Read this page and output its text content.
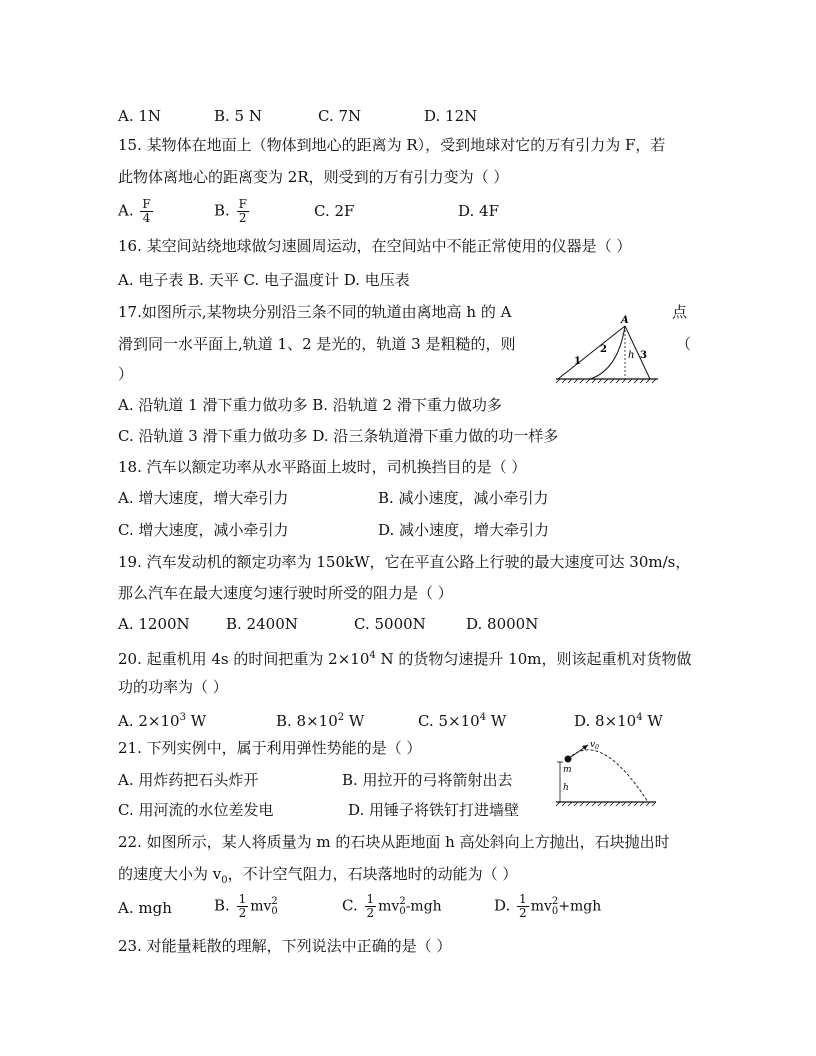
A. 1N	B. 5 N	C. 7N	D. 12N
15. 某物体在地面上（物体到地心的距离为 R），受到地球对它的万有引力为 F，若
此物体离地心的距离变为 2R，则受到的万有引力变为（ ）
A. $\frac{F}{4}$	B. $\frac{F}{2}$	C. 2F	D. 4F
16. 某空间站绕地球做匀速圆周运动，在空间站中不能正常使用的仪器是（ ）
A. 电子表 B. 天平 C. 电子温度计 D. 电压表
17.如图所示,某物块分别沿三条不同的轨道由离地高 h 的 A	点
滑到同一水平面上,轨道 1、2 是光的，轨道 3 是粗糙的，则	（
）
A
1
2
3
h
A. 沿轨道 1 滑下重力做功多 B. 沿轨道 2 滑下重力做功多
C. 沿轨道 3 滑下重力做功多 D. 沿三条轨道滑下重力做的功一样多
18. 汽车以额定功率从水平路面上坡时，司机换挡目的是（ ）
A. 增大速度，增大牵引力	B. 减小速度，减小牵引力
C. 增大速度，减小牵引力	D. 减小速度，增大牵引力
19. 汽车发动机的额定功率为 150kW，它在平直公路上行驶的最大速度可达 30m/s，
那么汽车在最大速度匀速行驶时所受的阻力是（ ）
A. 1200N B. 2400N	C. 5000N	D. 8000N
20. 起重机用 4s 的时间把重为 $2\times 10^4$ N 的货物匀速提升 10m，则该起重机对货物做
功的功率为（ ）
A. $2\times 10^3$ W	B. $8\times 10^2$ W	C. $5\times 10^4$ W	D. $8\times 10^4$ W
21. 下列实例中，属于利用弹性势能的是（ ）
A. 用炸药把石头炸开	B. 用拉开的弓将箭射出去
C. 用河流的水位差发电	D. 用锤子将铁钉打进墙壁
$v_0$
m
h
22. 如图所示，某人将质量为 m 的石块从距地面 h 高处斜向上方抛出，石块抛出时
的速度大小为 $v_0$，不计空气阻力，石块落地时的动能为（ ）
A. mgh	B. $\frac{1}{2}$ mv 2
0	C. $\frac{1}{2}$ mv 2
0 -mgh	D. $\frac{1}{2}$ mv 2
0 +mgh
23. 对能量耗散的理解，下列说法中正确的是（ ）
